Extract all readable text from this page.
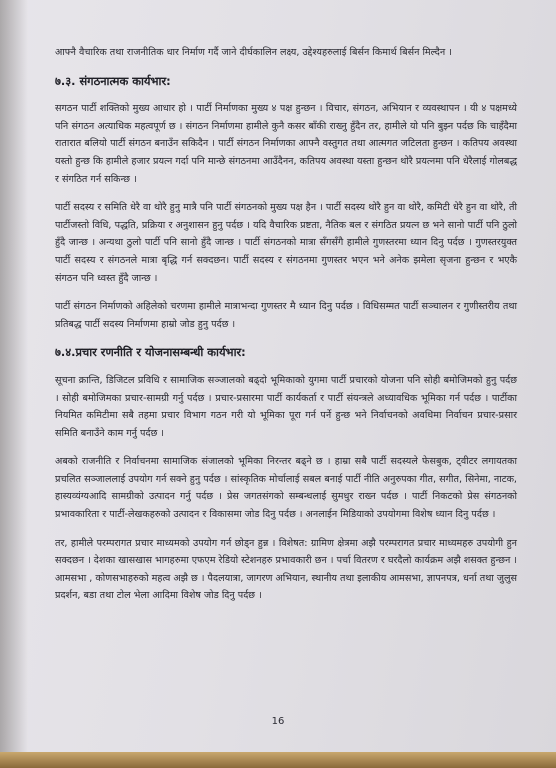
आफ्नै वैचारिक तथा राजनीतिक धार निर्माण गर्दै जाने दीर्घकालिन लक्ष्य, उद्देश्यहरुलाई बिर्सन किमार्थ बिर्सन मिल्दैन ।

७.३. संगठनात्मक कार्यभार:

सगठन पार्टी शक्तिको मुख्य आधार हो । पार्टी निर्माणका मुख्य ४ पक्ष हुन्छन । विचार, संगठन, अभियान र व्यवस्थापन । यी ४ पक्षमध्ये पनि संगठन अत्याधिक महत्वपूर्ण छ । संगठन निर्माणमा हामीले कुनै कसर बाँकी राख्नु हुँदैन तर, हामीले यो पनि बुझ्न पर्दछ कि चाहँदैमा रातारात बलियो पार्टी संगठन बनाउँन सकिदैन । पार्टी संगठन निर्माणका आफ्नै वस्तुगत तथा आत्मगत जटिलता हुन्छन । कतिपय अवस्था यस्तो हुन्छ कि हामीले हजार प्रयत्न गर्दा पनि मान्छे संगठनमा आउँदैनन, कतिपय अवस्था यस्ता हुन्छन थोरै प्रयत्नमा पनि धेरैलाई गोलबद्ध र संगठित गर्न सकिन्छ ।

पार्टी सदस्य र समिति धेरै वा थोरै हुनु मात्रै पनि पार्टी संगठनको मुख्य पक्ष हैन । पार्टी सदस्य थोरै हुन वा थोरै, कमिटी धेरै हुन वा थोरै, ती पार्टीजस्तो विधि, पद्धति, प्रक्रिया र अनुशासन हुनु पर्दछ । यदि वैचारिक प्रष्टता, नैतिक बल र संगठित प्रयत्न छ भने सानो पार्टी पनि ठुलो हुँदै जान्छ । अन्यथा ठुलो पार्टी पनि सानो हुँदै जान्छ । पार्टी संगठनको मात्रा सँगसँगै हामीले गुणस्तरमा ध्यान दिनु पर्दछ । गुणस्तरयुक्त पार्टी सदस्य र संगठनले मात्रा बृद्धि गर्न सक्दछन। पार्टी सदस्य र संगठनमा गुणस्तर भएन भने अनेक झमेला सृजना हुन्छन र भएकै संगठन पनि ध्वस्त हुँदै जान्छ ।

पार्टी संगठन निर्माणको अहिलेको चरणमा हामीले मात्राभन्दा गुणस्तर मै ध्यान दिनु पर्दछ । विधिसम्मत पार्टी सञ्चालन र गुणीस्तरीय तथा प्रतिबद्ध पार्टी सदस्य निर्माणमा हाम्रो जोड हुनु पर्दछ ।

७.४.प्रचार रणनीति र योजनासम्बन्धी कार्यभार:

सूचना क्रान्ति, डिजिटल प्रविधि र सामाजिक सञ्जालको बढ्दो भूमिकाको युगमा पार्टी प्रचारको योजना पनि सोही बमोजिमको हुनु पर्दछ । सोही बमोजिमका प्रचार-सामग्री गर्नु पर्दछ । प्रचार-प्रसारमा पार्टी कार्यकर्ता र पार्टी संयन्त्रले अध्यावधिक भूमिका गर्न पर्दछ । पार्टीका नियमित कमिटीमा सबै तहमा प्रचार विभाग गठन गरी यो भूमिका पूरा गर्न पर्ने हुन्छ भने निर्वाचनको अवधिमा निर्वाचन प्रचार-प्रसार समिति बनाउँने काम गर्नु पर्दछ ।

अबको राजनीति र निर्वाचनमा सामाजिक संजालको भूमिका निरन्तर बढ्ने छ । हाम्रा सबै पार्टी सदस्यले फेसबुक, ट्वीटर लगायतका प्रचलित सञ्जाललाई उपयोग गर्न सक्ने हुनु पर्दछ । सांस्कृतिक मोर्चालाई सबल बनाई पार्टी नीति अनुरुपका गीत, सगीत, सिनेमा, नाटक, हास्यव्यंग्यआदि सामग्रीको उत्पादन गर्नु पर्दछ । प्रेस जगतसंगको सम्बन्धलाई सुमधुर राख्न पर्दछ । पार्टी निकटको प्रेस संगठनको प्रभावकारिता र पार्टी-लेखकहरुको उत्पादन र विकासमा जोड दिनु पर्दछ । अनलाईन मिडियाको उपयोगमा विशेष ध्यान दिनु पर्दछ ।

तर, हामीले परम्परागत प्रचार माध्यमको उपयोग गर्न छोड्न हुन्न । विशेषत: ग्रामिण क्षेत्रमा अझै परम्परागत प्रचार माध्यमहरु उपयोगी हुन सक्दछन । देशका खासखास भागहरुमा एफएम रेडियो स्टेशनहरु प्रभावकारी छन । पर्चा वितरण र घरदैलो कार्यक्रम अझै शसक्त हुन्छन । आमसभा , कोणसभाहरुको महत्व अझै छ । पैदलयात्रा, जागरण अभियान, स्थानीय तथा इलाकीय आमसभा, ज्ञापनपत्र, धर्ना तथा जुलुस प्रदर्शन, बडा तथा टोल भेला आदिमा विशेष जोड दिनु पर्दछ ।

16
